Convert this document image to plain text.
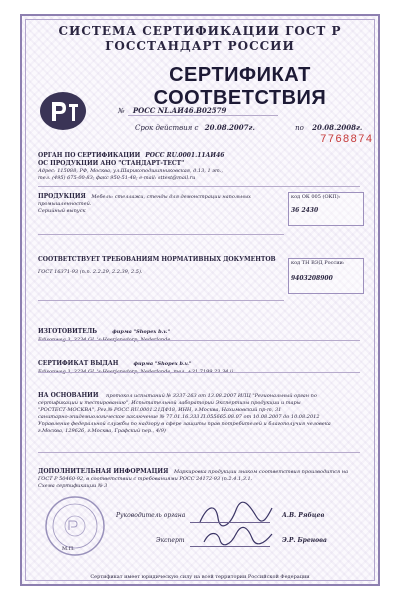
СИСТЕМА СЕРТИФИКАЦИИ ГОСТ Р
ГОССТАНДАРТ РОССИИ
СЕРТИФИКАТ СООТВЕТСТВИЯ
№ РОСС NL.АИ46.В02579
Срок действия с 20.08.2007г.	по 20.08.2008г.
7768874
ОРГАН ПО СЕРТИФИКАЦИИ РОСС RU.0001.11АИ46
ОС ПРОДУКЦИИ АНО "СТАНДАРТ-ТЕСТ"
Адрес: 115088, РФ, Москва, ул.Шарикоподшипниковская, д.13, 1 эт.,
тел. (495) 675-00-83; факс 950-51-48; e-mail: sttest@mail.ru
ПРОДУКЦИЯ Мебель: стеллажи, стенды для демонстрации напольных
промышленностей.
Серийный выпуск
код ОК 005 (ОКП):
36 2430
СООТВЕТСТВУЕТ ТРЕБОВАНИЯМ НОРМАТИВНЫХ ДОКУМЕНТОВ
ГОСТ 16371-93 (п.п. 2.2.29, 2.2.39, 2.5).
код ТН ВЭД России:
9403208900
ИЗГОТОВИТЕЛЬ	фирма "Shopex b.v."
Edisonweg 3, 3234 GL 's-Heerjansdorp, Nederlande
СЕРТИФИКАТ ВЫДАН	фирма "Shopex b.v."
Edisonweg 3, 3234 GL 's-Heerjansdorp, Nederlande, тел. +31 7199 23 34 ii
НА ОСНОВАНИИ протокол испытаний № 3337-263 от 13.08.2007 ИЛЦ "Региональный орган по
сертификации и тестированию", Испытательной лаборатории Экспертизы продукции и тары
"РОСТЕСТ-МОСКВА", Рег.№ РОСС RU.0001.21ДФ18, ИНН, г.Москва, Нахимовский пр-т, 31
санитарно-эпидемиологическое заключение № 77.01.16.333.П.055665.08.07 от 10.08.2007 до 10.08.2012
Управление федеральной службы по надзору в сфере защиты прав потребителей и благополучия человека
г.Москва, 129626, г.Москва, Графский пер., 4/9)
ДОПОЛНИТЕЛЬНАЯ ИНФОРМАЦИЯ Маркировка продукции знаком соответствия производится на
ГОСТ Р 50460-92, в соответствии с требованиями РОСС 24172-93 (п.2.4.1,3.1.
Схема сертификации № 3
М.П.
Руководитель органа	А.В. Рябцев
Эксперт	Э.Р. Бренова
Сертификат имеет юридическую силу на всей территории Российской Федерации
